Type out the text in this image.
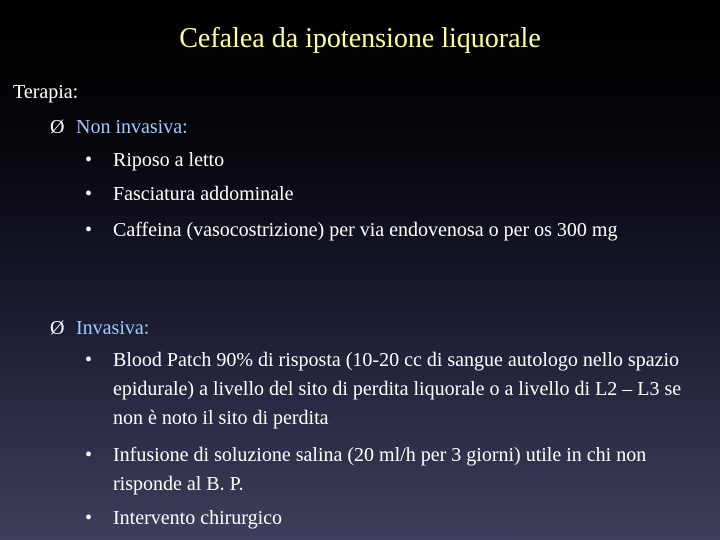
Cefalea da ipotensione liquorale
Terapia:
Ø Non invasiva:
• Riposo a letto
• Fasciatura addominale
• Caffeina (vasocostrizione) per via endovenosa o per os 300 mg
Ø Invasiva:
• Blood Patch 90% di risposta (10-20 cc di sangue autologo nello spazio epidurale) a livello del sito di perdita liquorale o a livello di L2 – L3 se non è noto il sito di perdita
• Infusione di soluzione salina (20 ml/h per 3 giorni) utile in chi non risponde al B. P.
• Intervento chirurgico
